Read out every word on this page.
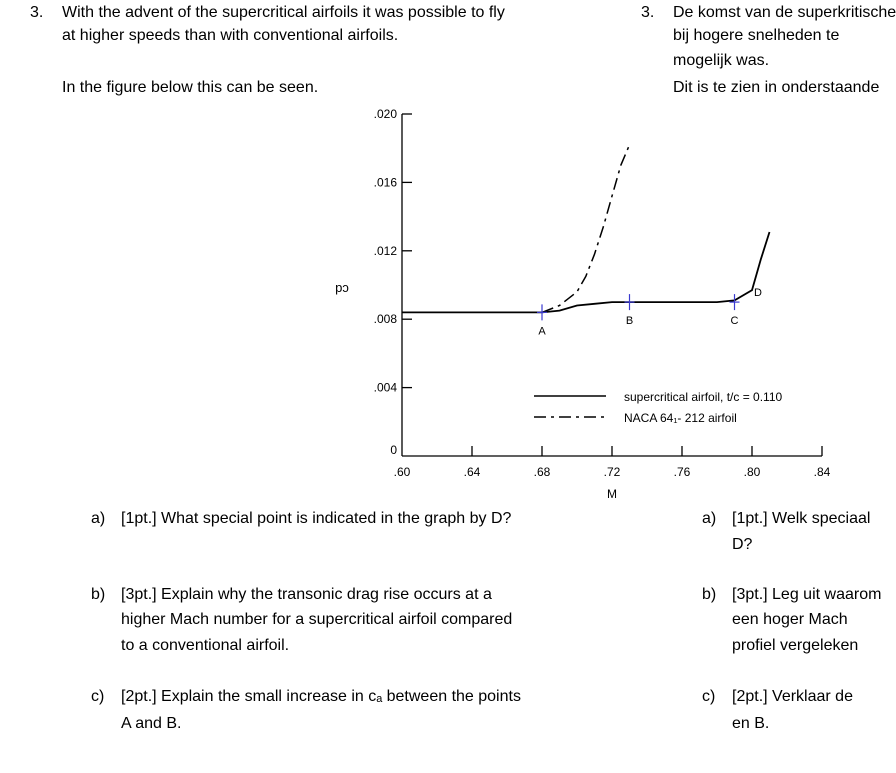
3. With the advent of the supercritical airfoils it was possible to fly
at higher speeds than with conventional airfoils.
In the figure below this can be seen.
a) [1pt.] What special point is indicated in the graph by D?
b) [3pt.] Explain why the transonic drag rise occurs at a
higher Mach number for a supercritical airfoil compared
to a conventional airfoil.
c) [2pt.] Explain the small increase in cₐ between the points
A and B.
3. De komst van de superkritische
bij hogere snelheden te
mogelijk was.
Dit is te zien in onderstaande
a) [1pt.] Welk speciaal
D?
b) [3pt.] Leg uit waarom
een hoger Mach
profiel vergeleken
c) [2pt.] Verklaar de
en B.
0
.004
.008
.012
.016
.020
.60	.64	.68	.72	.76	.80	.84
M
cd
A
B	C
D
supercritical airfoil, t/c = 0.110
NACA 64₁- 212 airfoil
